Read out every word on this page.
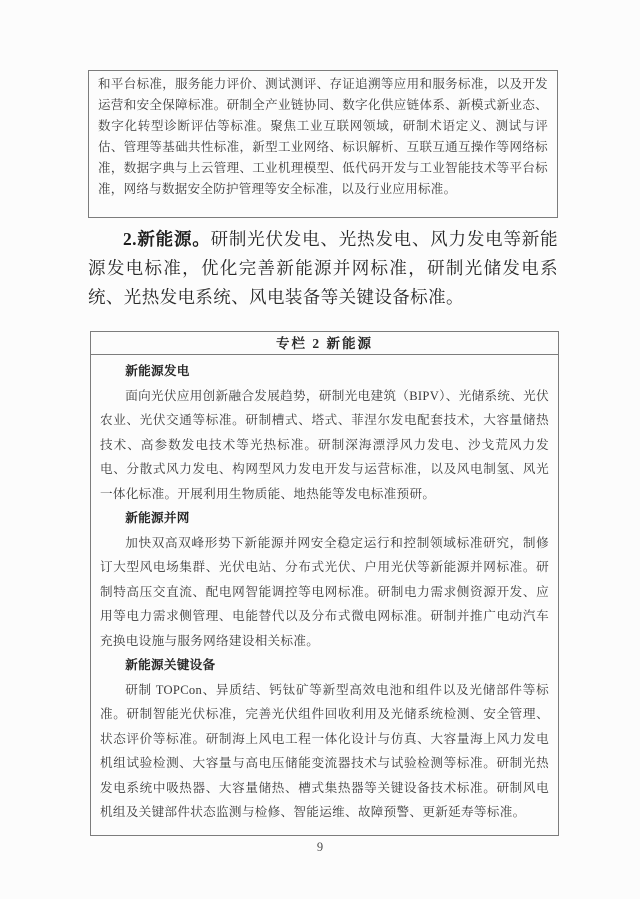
和平台标准，服务能力评价、测试测评、存证追溯等应用和服务标准，以及开发运营和安全保障标准。研制全产业链协同、数字化供应链体系、新模式新业态、数字化转型诊断评估等标准。聚焦工业互联网领域，研制术语定义、测试与评估、管理等基础共性标准，新型工业网络、标识解析、互联互通互操作等网络标准，数据字典与上云管理、工业机理模型、低代码开发与工业智能技术等平台标准，网络与数据安全防护管理等安全标准，以及行业应用标准。

2.新能源。研制光伏发电、光热发电、风力发电等新能源发电标准，优化完善新能源并网标准，研制光储发电系统、光热发电系统、风电装备等关键设备标准。

专栏 2 新能源
新能源发电
面向光伏应用创新融合发展趋势，研制光电建筑（BIPV）、光储系统、光伏农业、光伏交通等标准。研制槽式、塔式、菲涅尔发电配套技术，大容量储热技术、高参数发电技术等光热标准。研制深海漂浮风力发电、沙戈荒风力发电、分散式风力发电、构网型风力发电开发与运营标准，以及风电制氢、风光一体化标准。开展利用生物质能、地热能等发电标准预研。
新能源并网
加快双高双峰形势下新能源并网安全稳定运行和控制领域标准研究，制修订大型风电场集群、光伏电站、分布式光伏、户用光伏等新能源并网标准。研制特高压交直流、配电网智能调控等电网标准。研制电力需求侧资源开发、应用等电力需求侧管理、电能替代以及分布式微电网标准。研制并推广电动汽车充换电设施与服务网络建设相关标准。
新能源关键设备
研制 TOPCon、异质结、钙钛矿等新型高效电池和组件以及光储部件等标准。研制智能光伏标准，完善光伏组件回收利用及光储系统检测、安全管理、状态评价等标准。研制海上风电工程一体化设计与仿真、大容量海上风力发电机组试验检测、大容量与高电压储能变流器技术与试验检测等标准。研制光热发电系统中吸热器、大容量储热、槽式集热器等关键设备技术标准。研制风电机组及关键部件状态监测与检修、智能运维、故障预警、更新延寿等标准。
9
